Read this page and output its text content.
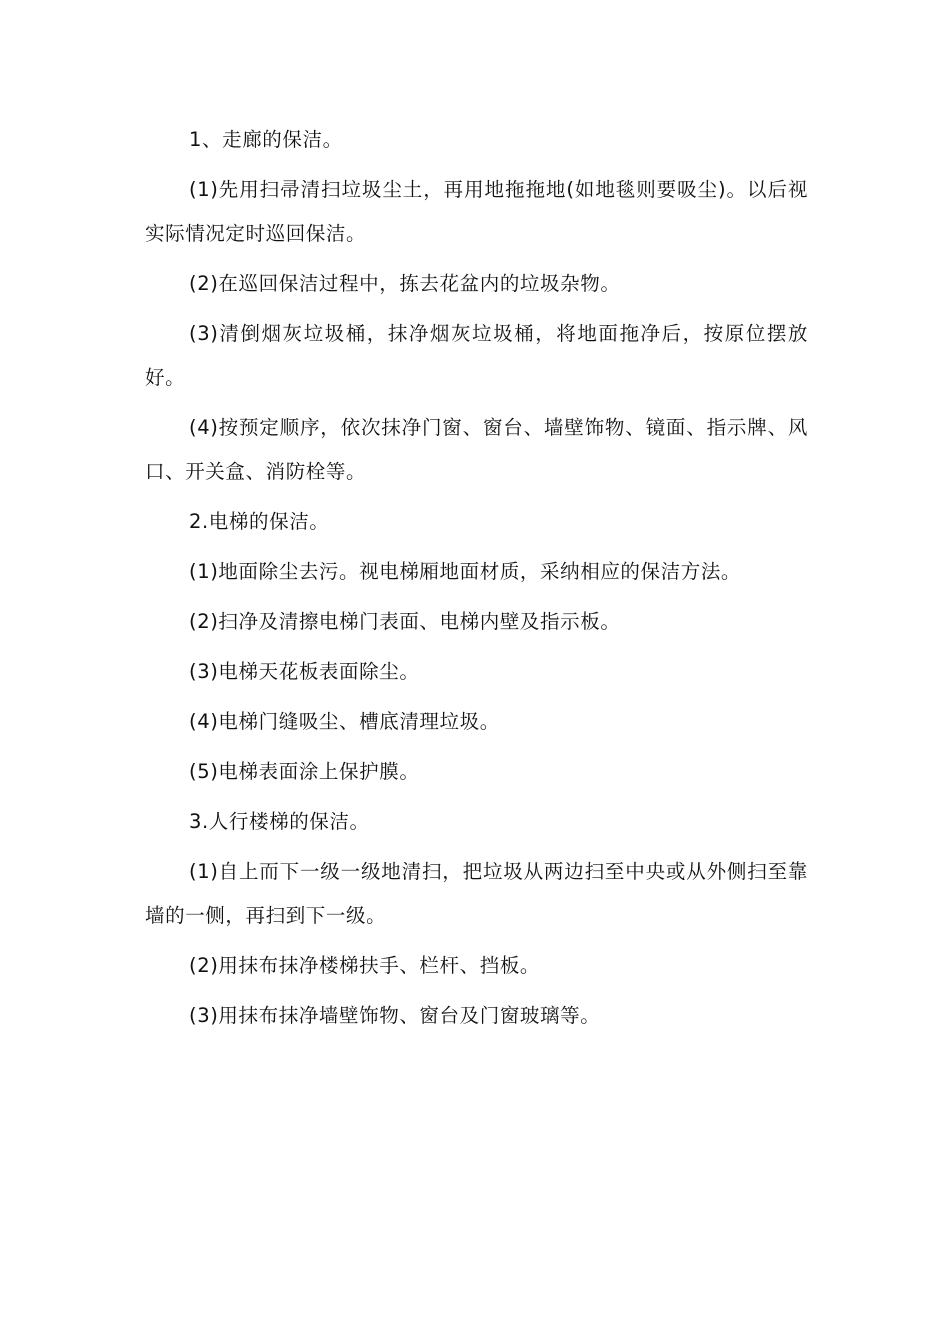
1、走廊的保洁。

(1)先用扫帚清扫垃圾尘土，再用地拖拖地(如地毯则要吸尘)。以后视实际情况定时巡回保洁。

(2)在巡回保洁过程中，拣去花盆内的垃圾杂物。

(3)清倒烟灰垃圾桶，抹净烟灰垃圾桶，将地面拖净后，按原位摆放好。

(4)按预定顺序，依次抹净门窗、窗台、墙壁饰物、镜面、指示牌、风口、开关盒、消防栓等。

2.电梯的保洁。

(1)地面除尘去污。视电梯厢地面材质，采纳相应的保洁方法。

(2)扫净及清擦电梯门表面、电梯内壁及指示板。

(3)电梯天花板表面除尘。

(4)电梯门缝吸尘、槽底清理垃圾。

(5)电梯表面涂上保护膜。

3.人行楼梯的保洁。

(1)自上而下一级一级地清扫，把垃圾从两边扫至中央或从外侧扫至靠墙的一侧，再扫到下一级。

(2)用抹布抹净楼梯扶手、栏杆、挡板。

(3)用抹布抹净墙壁饰物、窗台及门窗玻璃等。
